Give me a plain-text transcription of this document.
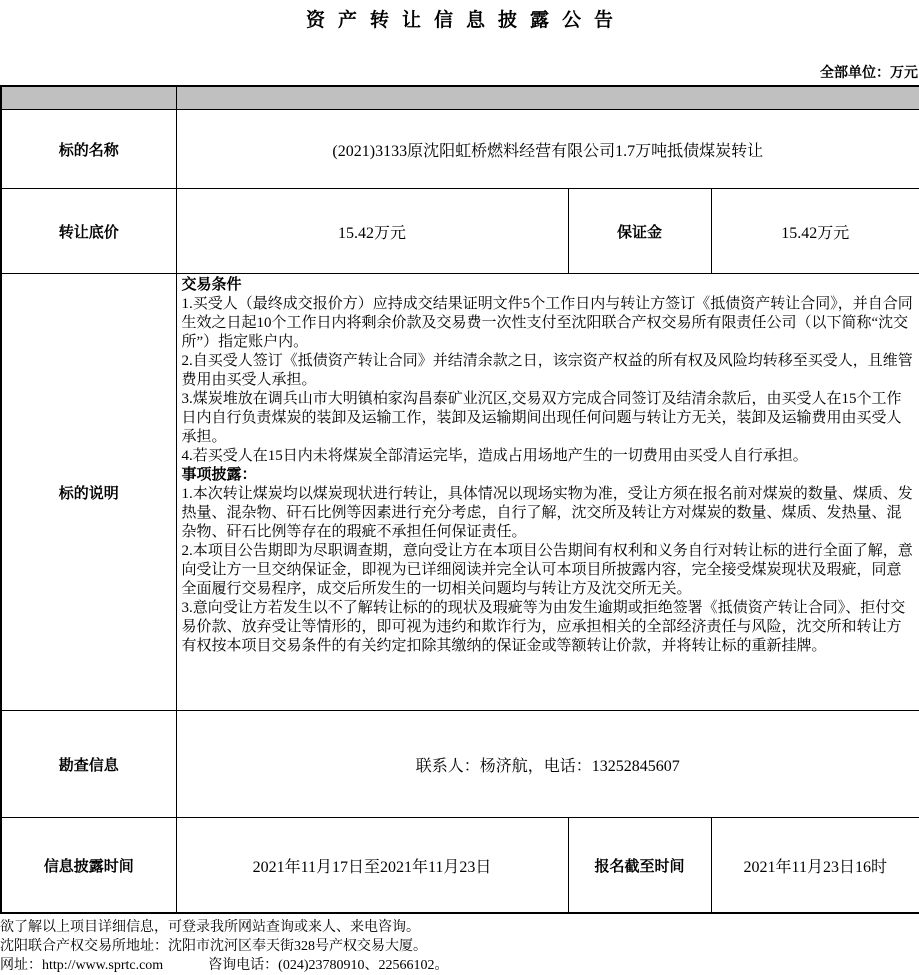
资产转让信息披露公告
全部单位：万元

标的名称	(2021)3133原沈阳虹桥燃料经营有限公司1.7万吨抵债煤炭转让		
转让底价	15.42万元	保证金	15.42万元
标的说明	
交易条件
1.买受人（最终成交报价方）应持成交结果证明文件5个工作日内与转让方签订《抵债资产转让合同》，并自合同生效之日起10个工作日内将剩余价款及交易费一次性支付至沈阳联合产权交易所有限责任公司（以下简称“沈交所”）指定账户内。
2.自买受人签订《抵债资产转让合同》并结清余款之日，该宗资产权益的所有权及风险均转移至买受人，且维管费用由买受人承担。
3.煤炭堆放在调兵山市大明镇柏家沟昌泰矿业沉区,交易双方完成合同签订及结清余款后，由买受人在15个工作日内自行负责煤炭的装卸及运输工作，装卸及运输期间出现任何问题与转让方无关，装卸及运输费用由买受人承担。
4.若买受人在15日内未将煤炭全部清运完毕，造成占用场地产生的一切费用由买受人自行承担。
事项披露：
1.本次转让煤炭均以煤炭现状进行转让，具体情况以现场实物为准，受让方须在报名前对煤炭的数量、煤质、发热量、混杂物、矸石比例等因素进行充分考虑，自行了解，沈交所及转让方对煤炭的数量、煤质、发热量、混杂物、矸石比例等存在的瑕疵不承担任何保证责任。
2.本项目公告期即为尽职调查期，意向受让方在本项目公告期间有权利和义务自行对转让标的进行全面了解，意向受让方一旦交纳保证金，即视为已详细阅读并完全认可本项目所披露内容，完全接受煤炭现状及瑕疵，同意全面履行交易程序，成交后所发生的一切相关问题均与转让方及沈交所无关。
3.意向受让方若发生以不了解转让标的的现状及瑕疵等为由发生逾期或拒绝签署《抵债资产转让合同》、拒付交易价款、放弃受让等情形的，即可视为违约和欺诈行为，应承担相关的全部经济责任与风险，沈交所和转让方有权按本项目交易条件的有关约定扣除其缴纳的保证金或等额转让价款，并将转让标的重新挂牌。

勘查信息	联系人：杨济航，电话：13252845607		
信息披露时间	2021年11月17日至2021年11月23日	报名截至时间	2021年11月23日16时
欲了解以上项目详细信息，可登录我所网站查询或来人、来电咨询。
沈阳联合产权交易所地址：沈阳市沈河区奉天街328号产权交易大厦。
网址：http://www.sprtc.com	咨询电话：(024)23780910、22566102。
